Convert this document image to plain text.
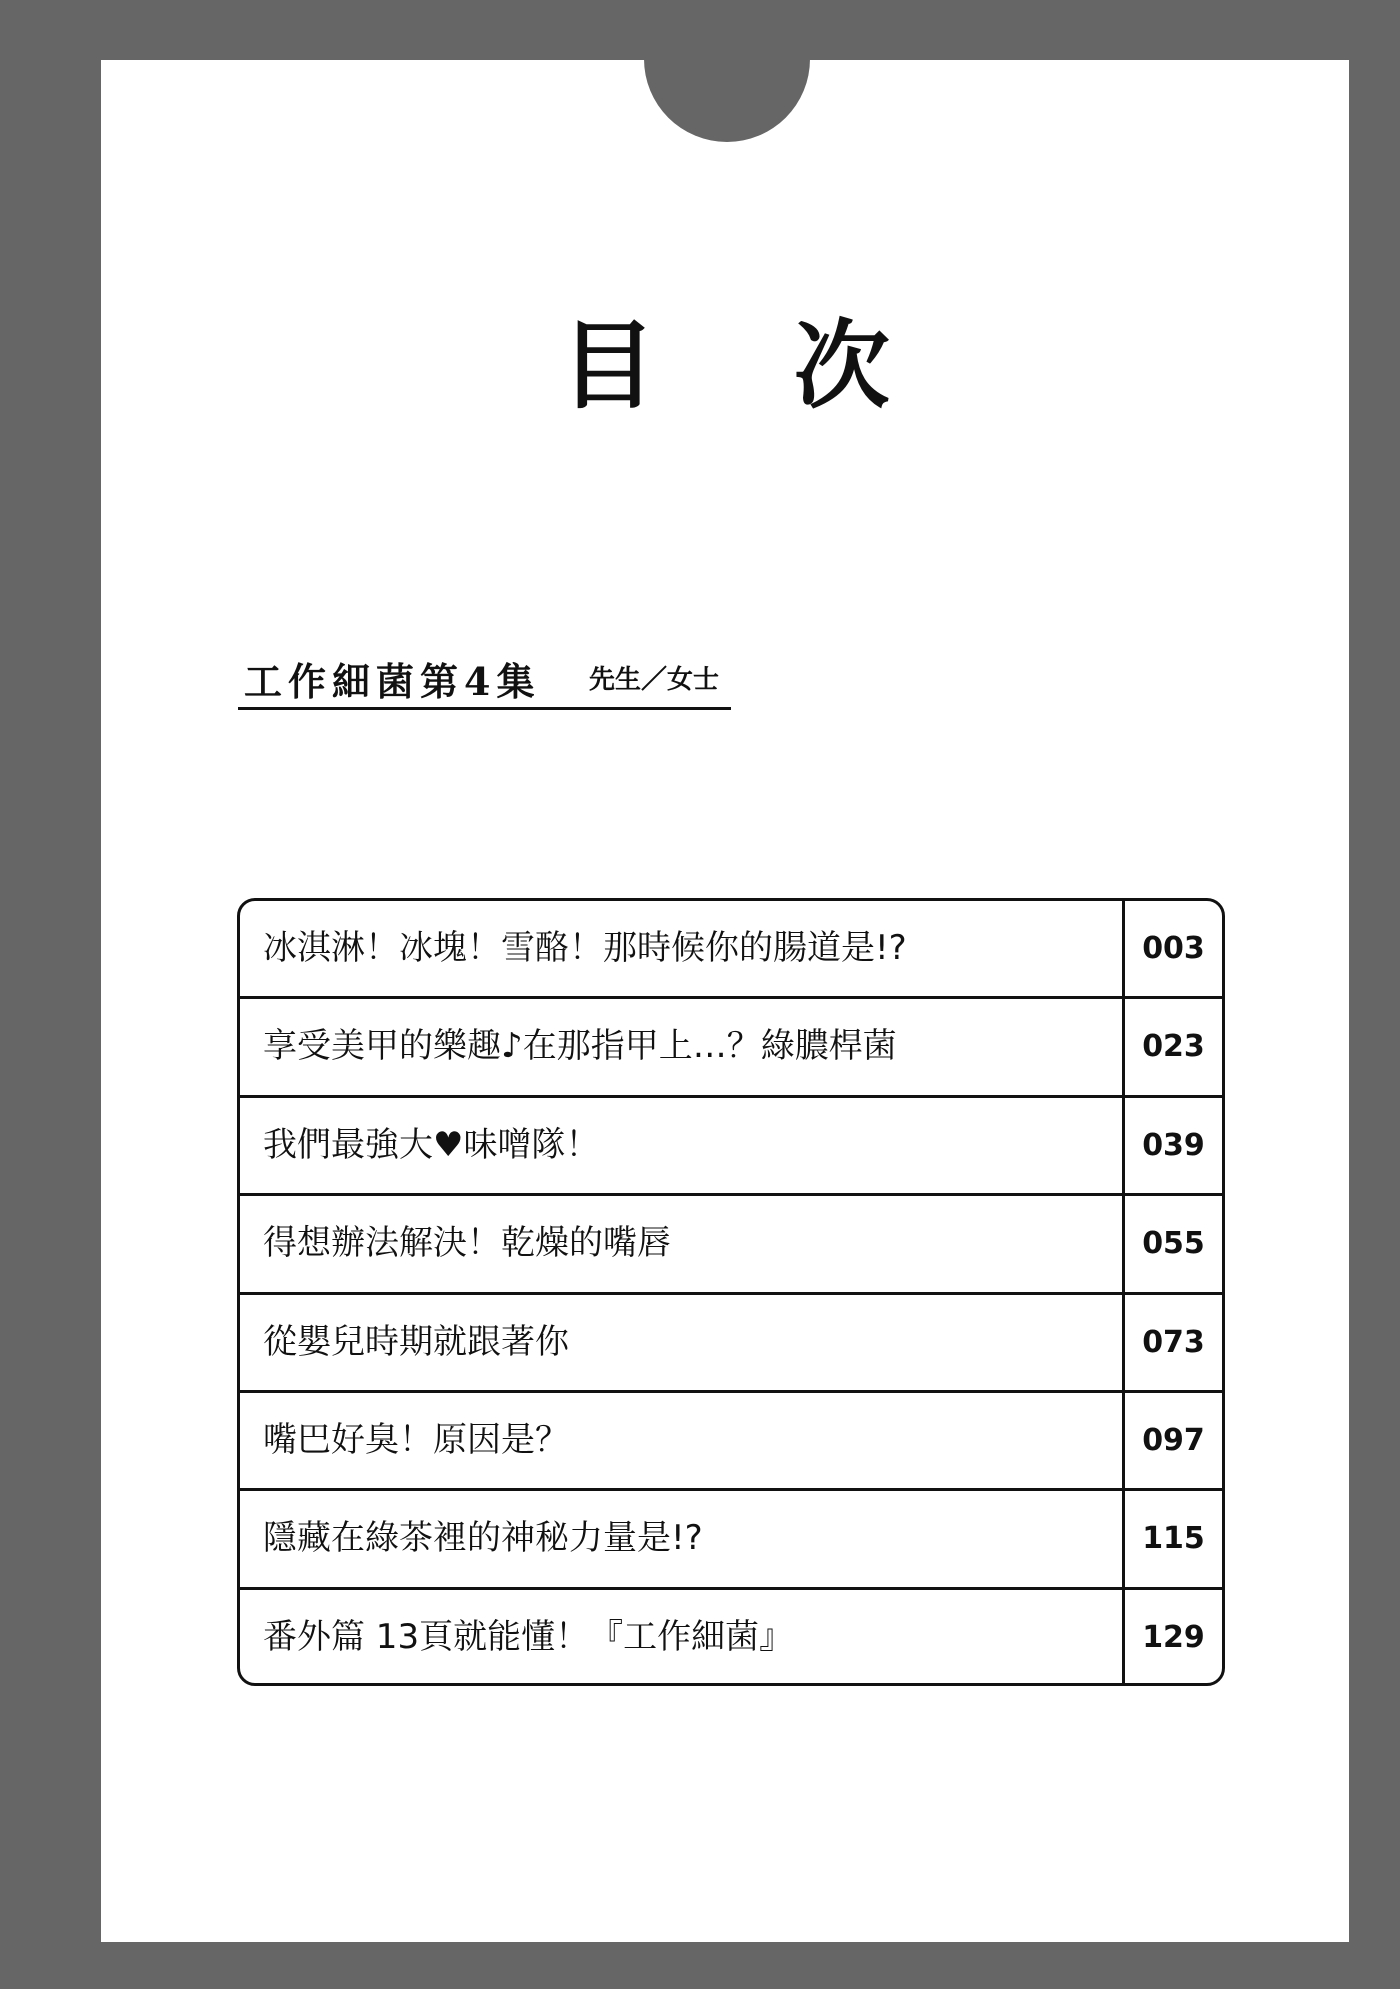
目 次
工作細菌第4集 先生／女士
冰淇淋！冰塊！雪酪！那時候你的腸道是!?	003
享受美甲的樂趣♪在那指甲上…？綠膿桿菌	023
我們最強大♥味噌隊！	039
得想辦法解決！乾燥的嘴唇	055
從嬰兒時期就跟著你	073
嘴巴好臭！原因是？	097
隱藏在綠茶裡的神秘力量是!?	115
番外篇 13頁就能懂！『工作細菌』	129
